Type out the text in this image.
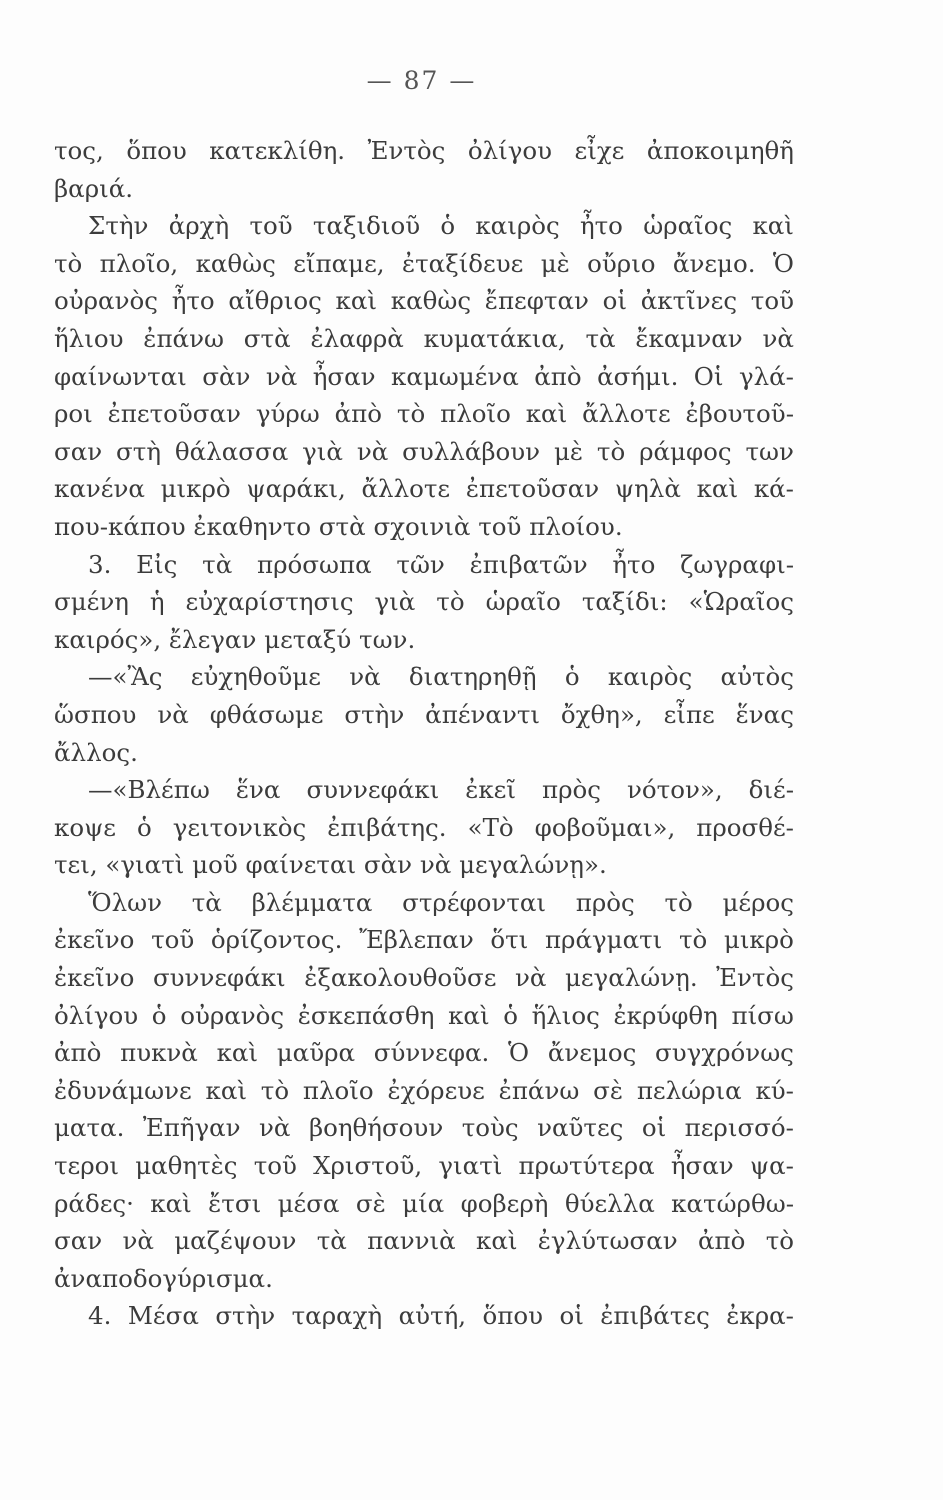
— 87 —
τος, ὅπου κατεκλίθη. Ἐντὸς ὀλίγου εἶχε ἀποκοιμηθῆ
βαριά.
Στὴν ἀρχὴ τοῦ ταξιδιοῦ ὁ καιρὸς ἦτο ὡραῖος καὶ
τὸ πλοῖο, καθὼς εἴπαμε, ἐταξίδευε μὲ οὔριο ἄνεμο. Ὁ
οὐρανὸς ἦτο αἴθριος καὶ καθὼς ἔπεφταν οἱ ἀκτῖνες τοῦ
ἥλιου ἐπάνω στὰ ἐλαφρὰ κυματάκια, τὰ ἔκαμναν νὰ
φαίνωνται σὰν νὰ ἦσαν καμωμένα ἀπὸ ἀσήμι. Οἱ γλά-
ροι ἐπετοῦσαν γύρω ἀπὸ τὸ πλοῖο καὶ ἄλλοτε ἐβουτοῦ-
σαν στὴ θάλασσα γιὰ νὰ συλλάβουν μὲ τὸ ράμφος των
κανένα μικρὸ ψαράκι, ἄλλοτε ἐπετοῦσαν ψηλὰ καὶ κά-
που-κάπου ἐκαθηντο στὰ σχοινιὰ τοῦ πλοίου.
3. Εἰς τὰ πρόσωπα τῶν ἐπιβατῶν ἦτο ζωγραφι-
σμένη ἡ εὐχαρίστησις γιὰ τὸ ὡραῖο ταξίδι: «Ὡραῖος
καιρός», ἔλεγαν μεταξύ των.
—«Ἂς εὐχηθοῦμε νὰ διατηρηθῇ ὁ καιρὸς αὐτὸς
ὥσπου νὰ φθάσωμε στὴν ἀπέναντι ὄχθη», εἶπε ἕνας
ἄλλος.
—«Βλέπω ἕνα συννεφάκι ἐκεῖ πρὸς νότον», διέ-
κοψε ὁ γειτονικὸς ἐπιβάτης. «Τὸ φοβοῦμαι», προσθέ-
τει, «γιατὶ μοῦ φαίνεται σὰν νὰ μεγαλώνῃ».
Ὅλων τὰ βλέμματα στρέφονται πρὸς τὸ μέρος
ἐκεῖνο τοῦ ὁρίζοντος. Ἔβλεπαν ὅτι πράγματι τὸ μικρὸ
ἐκεῖνο συννεφάκι ἐξακολουθοῦσε νὰ μεγαλώνῃ. Ἐντὸς
ὀλίγου ὁ οὐρανὸς ἐσκεπάσθη καὶ ὁ ἥλιος ἐκρύφθη πίσω
ἀπὸ πυκνὰ καὶ μαῦρα σύννεφα. Ὁ ἄνεμος συγχρόνως
ἐδυνάμωνε καὶ τὸ πλοῖο ἐχόρευε ἐπάνω σὲ πελώρια κύ-
ματα. Ἐπῆγαν νὰ βοηθήσουν τοὺς ναῦτες οἱ περισσό-
τεροι μαθητὲς τοῦ Χριστοῦ, γιατὶ πρωτύτερα ἦσαν ψα-
ράδες· καὶ ἔτσι μέσα σὲ μία φοβερὴ θύελλα κατώρθω-
σαν νὰ μαζέψουν τὰ παννιὰ καὶ ἐγλύτωσαν ἀπὸ τὸ
ἀναποδογύρισμα.
4. Μέσα στὴν ταραχὴ αὐτή, ὅπου οἱ ἐπιβάτες ἐκρα-
